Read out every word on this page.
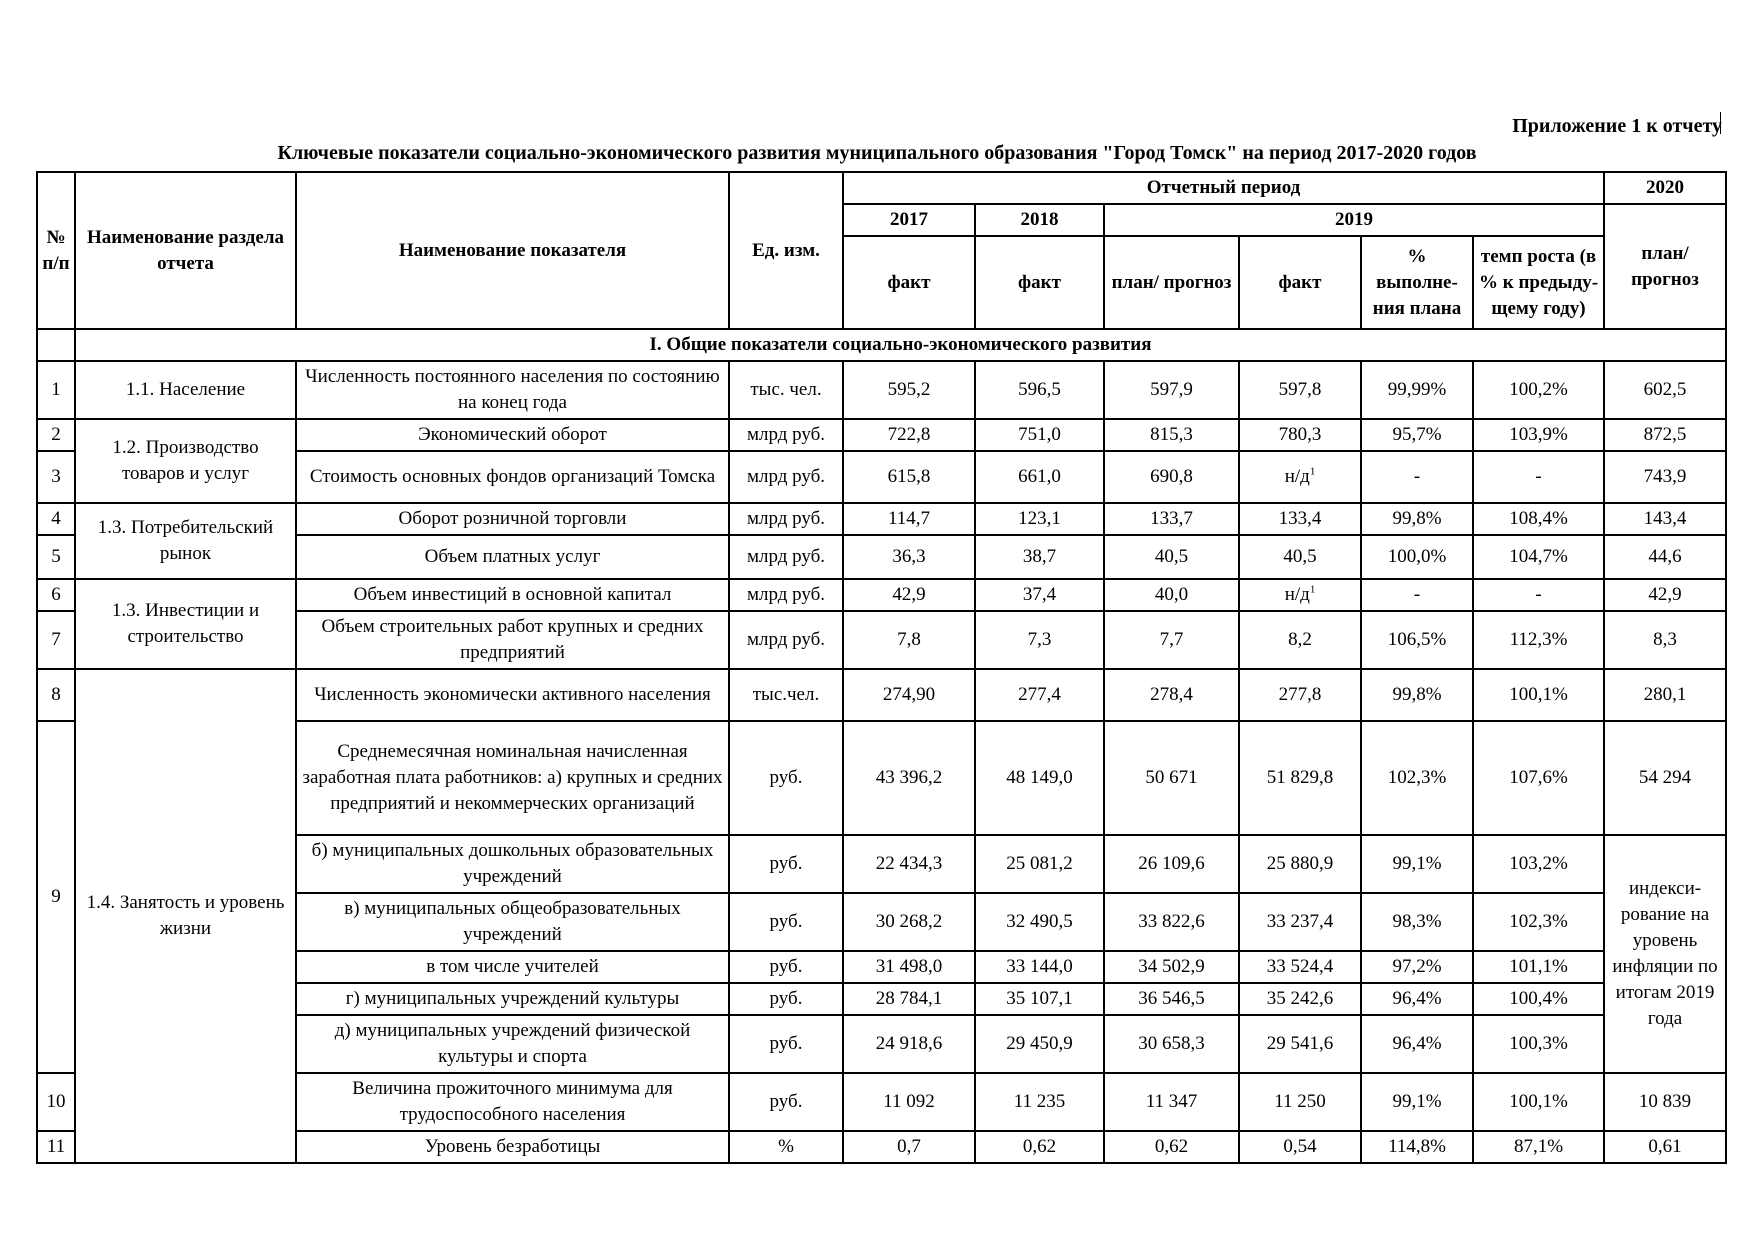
Приложение 1 к отчету
Ключевые показатели социально-экономического развития муниципального образования "Город Томск" на период 2017-2020 годов
№ п/п	Наименование раздела отчета	Наименование показателя	Ед. изм.	Отчетный период						2020
				2017	2018	2019				план/ прогноз
				факт	факт	план/ прогноз	факт	% выполне-ния плана	темп роста (в % к предыду-щему году)	
	I. Общие показатели социально-экономического развития									
1	1.1. Население	Численность постоянного населения по состоянию на конец года	тыс. чел.	595,2	596,5	597,9	597,8	99,99%	100,2%	602,5
2	1.2. Производство товаров и услуг	Экономический оборот	млрд руб.	722,8	751,0	815,3	780,3	95,7%	103,9%	872,5
3		Стоимость основных фондов организаций Томска	млрд руб.	615,8	661,0	690,8	$н/д^1$	-	-	743,9
4	1.3. Потребительский рынок	Оборот розничной торговли	млрд руб.	114,7	123,1	133,7	133,4	99,8%	108,4%	143,4
5		Объем платных услуг	млрд руб.	36,3	38,7	40,5	40,5	100,0%	104,7%	44,6
6	1.3. Инвестиции и строительство	Объем инвестиций в основной капитал	млрд руб.	42,9	37,4	40,0	$н/д^1$	-	-	42,9
7		Объем строительных работ крупных и средних предприятий	млрд руб.	7,8	7,3	7,7	8,2	106,5%	112,3%	8,3
8	1.4. Занятость и уровень жизни	Численность экономически активного населения	тыс.чел.	274,90	277,4	278,4	277,8	99,8%	100,1%	280,1
9		Среднемесячная номинальная начисленная заработная плата работников: а) крупных и средних предприятий и некоммерческих организаций	руб.	43 396,2	48 149,0	50 671	51 829,8	102,3%	107,6%	54 294
		б) муниципальных дошкольных образовательных учреждений	руб.	22 434,3	25 081,2	26 109,6	25 880,9	99,1%	103,2%	индекси-рование на уровень инфляции по итогам 2019 года
		в) муниципальных общеобразовательных учреждений	руб.	30 268,2	32 490,5	33 822,6	33 237,4	98,3%	102,3%	
		в том числе учителей	руб.	31 498,0	33 144,0	34 502,9	33 524,4	97,2%	101,1%	
		г) муниципальных учреждений культуры	руб.	28 784,1	35 107,1	36 546,5	35 242,6	96,4%	100,4%	
		д) муниципальных учреждений физической культуры и спорта	руб.	24 918,6	29 450,9	30 658,3	29 541,6	96,4%	100,3%	
10		Величина прожиточного минимума для трудоспособного населения	руб.	11 092	11 235	11 347	11 250	99,1%	100,1%	10 839
11		Уровень безработицы	%	0,7	0,62	0,62	0,54	114,8%	87,1%	0,61
